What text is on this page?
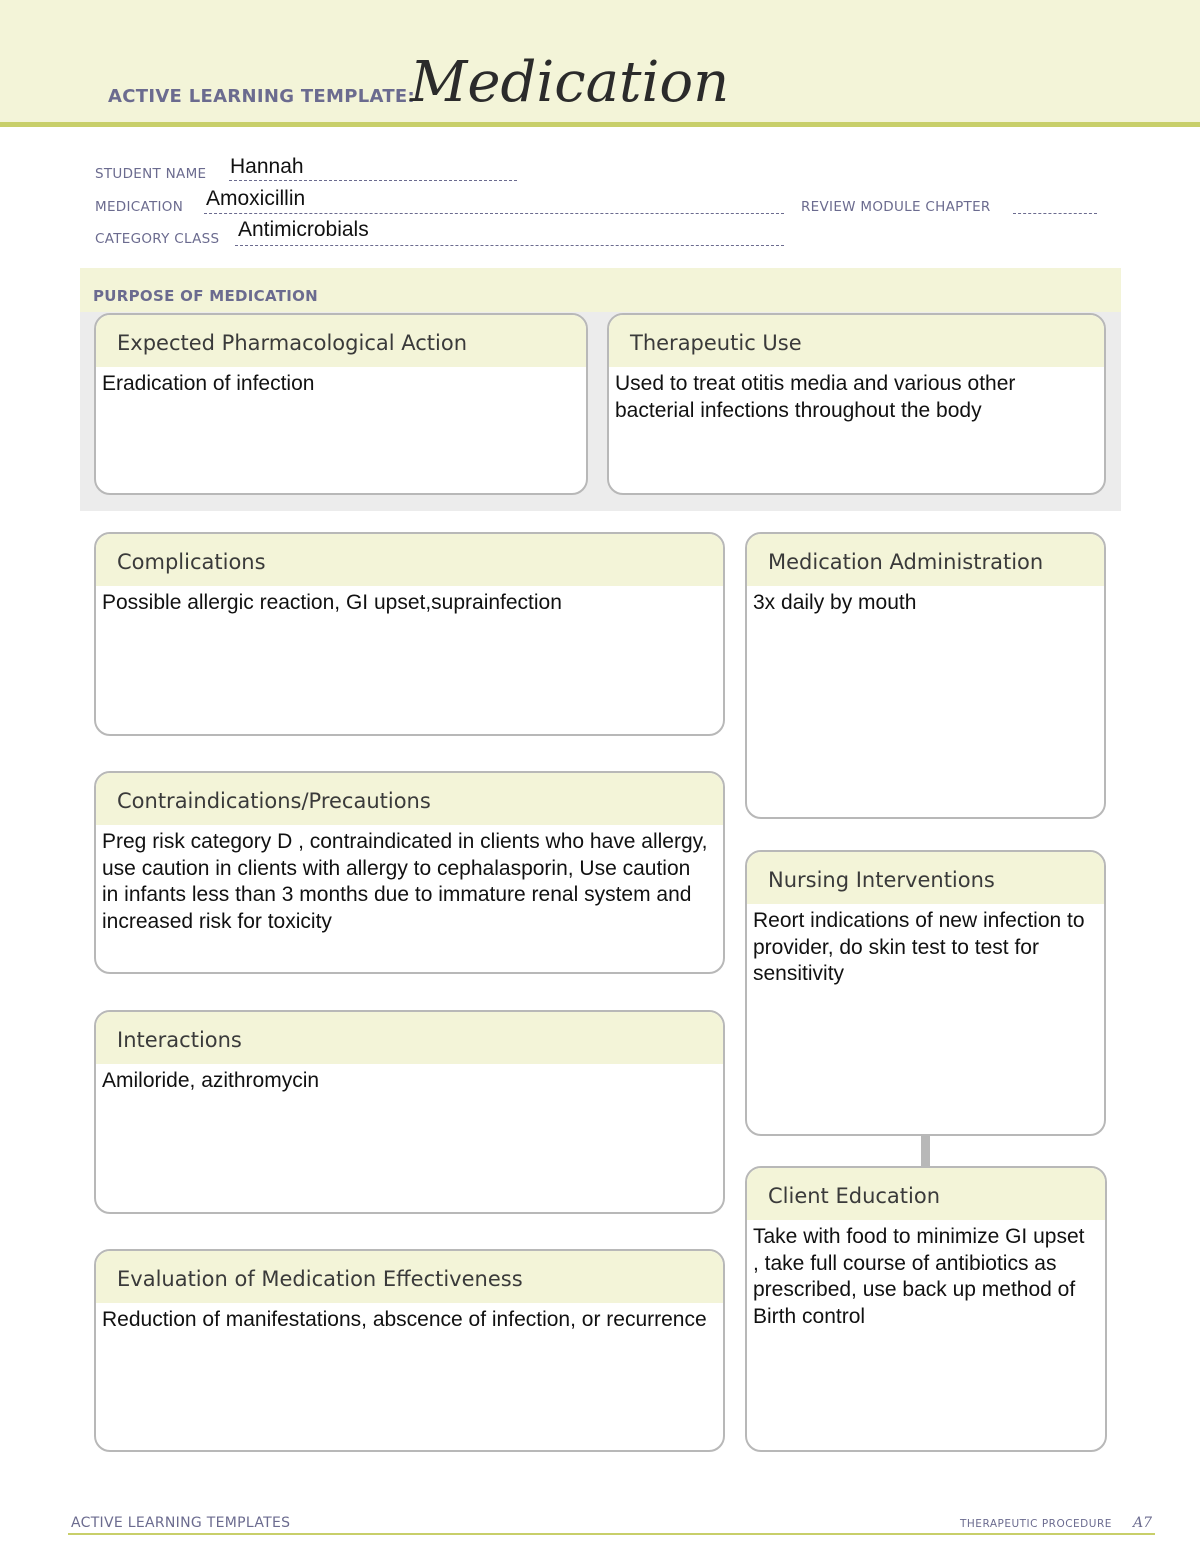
ACTIVE LEARNING TEMPLATE:
Medication
STUDENT NAME Hannah
MEDICATION Amoxicillin	REVIEW MODULE CHAPTER
CATEGORY CLASS Antimicrobials
PURPOSE OF MEDICATION
Expected Pharmacological Action
Eradication of infection
Therapeutic Use
Used to treat otitis media and various other bacterial infections throughout the body
Complications
Possible allergic reaction, GI upset,suprainfection
Contraindications/Precautions
Preg risk category D , contraindicated in clients who have allergy, use caution in clients with allergy to cephalasporin, Use caution in infants less than 3 months due to immature renal system and increased risk for toxicity
Interactions
Amiloride, azithromycin
Evaluation of Medication Effectiveness
Reduction of manifestations, abscence of infection, or recurrence
Medication Administration
3x daily by mouth
Nursing Interventions
Reort indications of new infection to provider, do skin test to test for sensitivity
Client Education
Take with food to minimize GI upset , take full course of antibiotics as prescribed, use back up method of Birth control
ACTIVE LEARNING TEMPLATES	THERAPEUTIC PROCEDURE A7
